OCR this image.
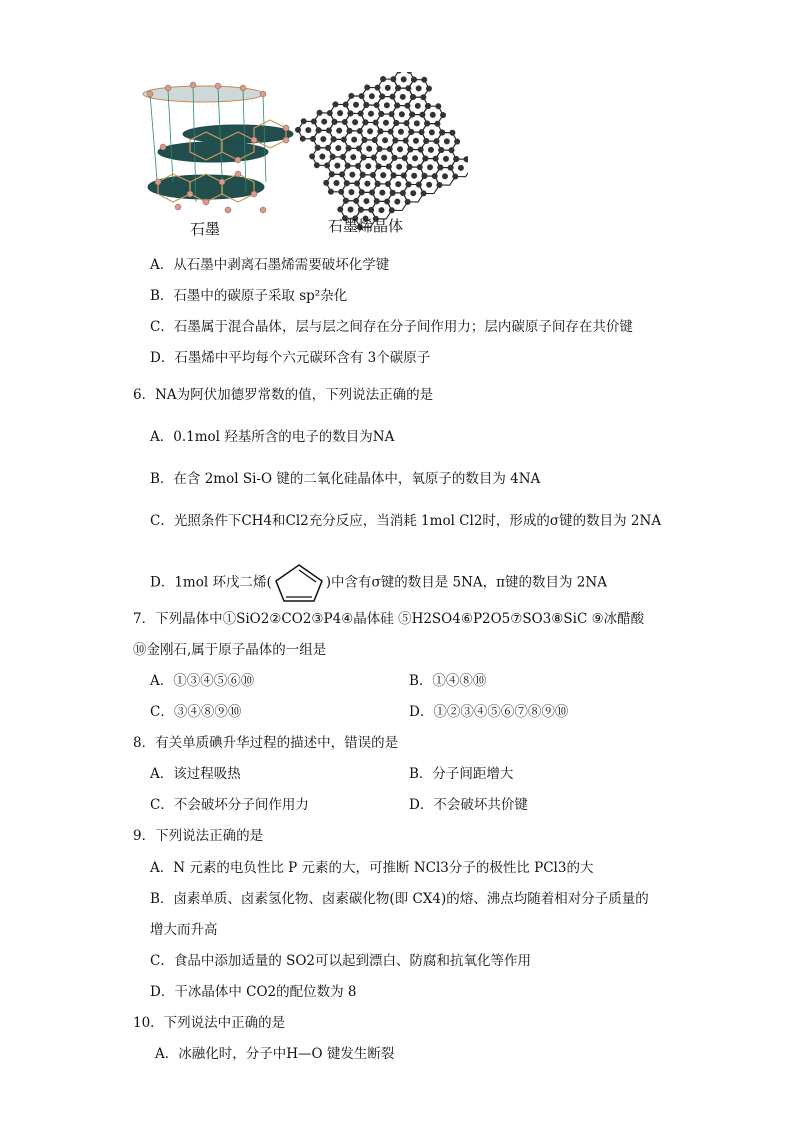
石墨	石墨烯晶体
A．从石墨中剥离石墨烯需要破坏化学键
B．石墨中的碳原子采取 sp²杂化
C．石墨属于混合晶体，层与层之间存在分子间作用力；层内碳原子间存在共价键
D．石墨烯中平均每个六元碳环含有 3个碳原子
6．NA为阿伏加德罗常数的值，下列说法正确的是
A．0.1mol 羟基所含的电子的数目为NA
B．在含 2mol Si-O 键的二氧化硅晶体中，氧原子的数目为 4NA
C．光照条件下CH4和Cl2充分反应，当消耗 1mol Cl2时，形成的σ键的数目为 2NA
D．1mol 环戊二烯(	)中含有σ键的数目是 5NA，π键的数目为 2NA
7．下列晶体中①SiO2②CO2③P4④晶体硅 ⑤H2SO4⑥P2O5⑦SO3⑧SiC ⑨冰醋酸
⑩金刚石,属于原子晶体的一组是
A．①③④⑤⑥⑩	B．①④⑧⑩
C．③④⑧⑨⑩	D．①②③④⑤⑥⑦⑧⑨⑩
8．有关单质碘升华过程的描述中，错误的是
A．该过程吸热	B．分子间距增大
C．不会破坏分子间作用力	D．不会破坏共价键
9．下列说法正确的是
A．N 元素的电负性比 P 元素的大，可推断 NCl3分子的极性比 PCl3的大
B．卤素单质、卤素氢化物、卤素碳化物(即 CX4)的熔、沸点均随着相对分子质量的
增大而升高
C．食品中添加适量的 SO2可以起到漂白、防腐和抗氧化等作用
D．干冰晶体中 CO2的配位数为 8
10．下列说法中正确的是
A．冰融化时，分子中H—O 键发生断裂
